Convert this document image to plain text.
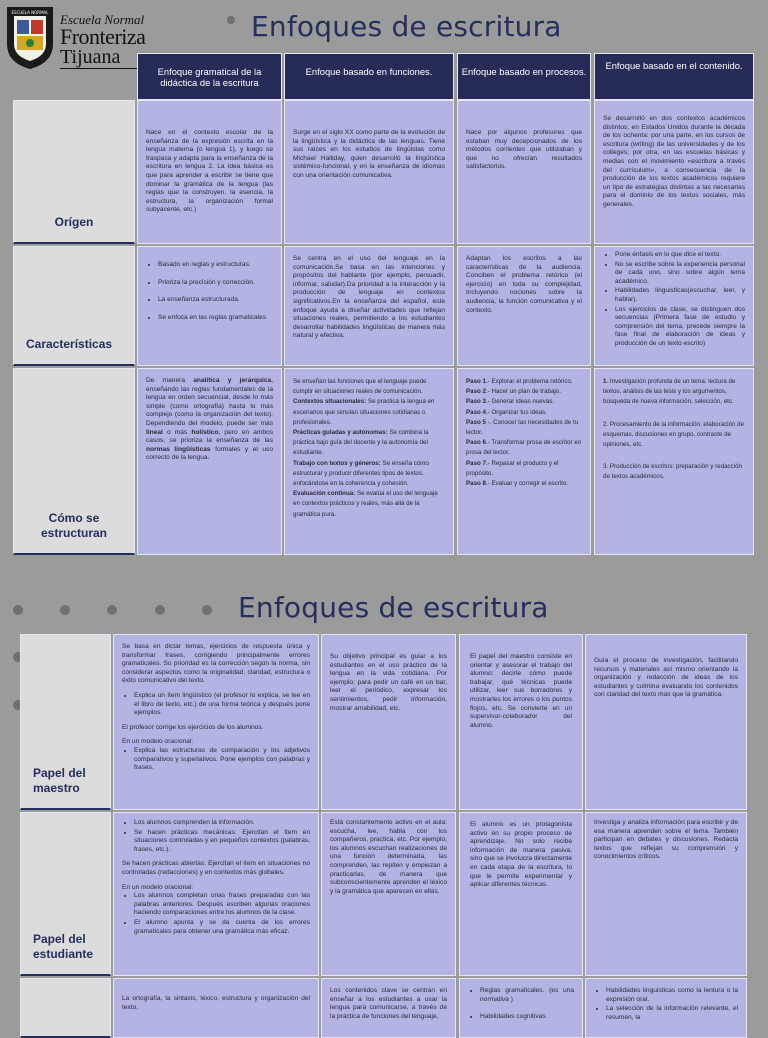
ESCUELA NORMAL Escuela Normal
Fronteriza
Tijuana
Enfoques de escritura
Enfoque gramatical de la didáctica de la escritura
Enfoque basado en funciones.	Enfoque basado en procesos.
Enfoque basado en el contenido.
Orígen
Nace en el contexto escolar de la enseñanza de la expresión escrita en la lengua materna (o lengua 1), y luego se traspasa y adapta para la enseñanza de la escritura en lengua 2. La idea básica es que para aprender a escribir se tiene que dominar la gramática de la lengua (las reglas que la construyen, la esencia, la estructura, la organización formal subyacente, etc.)
Surge en el siglo XX como parte de la evolución de la lingüística y la didáctica de las lenguas. Tiene sus raíces en los estudios de lingüistas como Michael Halliday, quien desarrolló la lingüística sistémico-funcional, y en la enseñanza de idiomas con una orientación comunicativa.
Nace por algunos profesores que estaban muy decepcionados de los métodos corrientes que utilizaban y que no ofrecían resultados satisfactorios.
Se desarrolló en dos contextos académicos distintos, en Estados Unidos durante la década de los ochenta: por una parte, en los cursos de escritura (writing) de las universidades y de los colleges; por otra, en las escuelas básicas y medias con el movimiento «escritura a través del currículum», a consecuencia de la producción de los textos académicos requiere un tipo de estrategias distintas a las necesarias para el dominio de los textos sociales, más generales.
Características
• Basado en reglas y estructuras.
• Prioriza la precisión y corrección.
• La enseñanza estructurada.
• Se enfoca en las reglas gramaticales
Se centra en el uso del lenguaje en la comunicación.Se basa en las intenciones y propósitos del hablante (por ejemplo, persuadir, informar, saludar).Da prioridad a la interacción y la producción de lenguaje en contextos significativos.En la enseñanza del español, este enfoque ayuda a diseñar actividades que reflejan situaciones reales, permitiendo a los estudiantes desarrollar habilidades lingüísticas de manera más natural y efectiva.
Adaptan los escritos a las características de la audiencia. Conciben el problema retórico (el ejercicio) en toda su complejidad, Incluyendo nociones sobre la audiencia, la función comunicativa y el contexto.
• Pone énfasis en lo que dice el texto.
• No se escribe sobre la experiencia personal de cada uno, sino sobre algún tema académico.
• Habilidades linguisticas(escuchar, leer, y hablar).
• Los ejercicios de clase, se distinguen dos secuencias (Primera fase de estudio y comprensión del tema, precede siempre la fase final de elaboración de ideas y producción de un texto escrito)
Cómo se estructuran
De manera analítica y jerárquica, enseñando las reglas fundamentales de la lengua en orden secuencial, desde lo más simple (como ortografía) hasta lo más complejo (como la organización del texto). Dependiendo del modelo, puede ser más lineal o más holístico, pero en ambos casos, se prioriza la enseñanza de las normas lingüísticas formales y el uso correcto de la lengua.
Se enseñan las funciones que el lenguaje puede cumplir en situaciones reales de comunicación.
Contextos situacionales: Se practica la lengua en escenarios que simulan situaciones cotidianas o profesionales.
Prácticas guiadas y autónomas: Se combina la práctica bajo guía del docente y la autonomía del estudiante.
Trabajo con textos y géneros: Se enseña cómo estructurar y producir diferentes tipos de textos, enfocándose en la coherencia y cohesión.
Evaluación continua: Se evalúa el uso del lenguaje en contextos prácticos y reales, más allá de la gramática pura.
Paso 1.- Explorar el problema retórico.
Paso 2.- Hacer un plan de trabajo.
Paso 3.- Generar ideas nuevas.
Paso 4.- Organizar tus ideas.
Paso 5 -. Conocer las necesidades de tu lector.
Paso 6.- Transformar prosa de escritor en prosa del lector.
Paso 7.- Repasar el producto y el propósito.
Paso 8.- Evaluar y corregir el escrito.

1. Investigación profunda de un tema: lectura de textos, análisis de las tesis y los argumentos, búsqueda de nueva información, selección, etc.

2. Procesamiento de la información: elaboración de esquemas, discusiones en grupo, contraste de opiniones, etc.

3. Producción de escritos: preparación y redacción de textos académicos.

Enfoques de escritura
Papel del maestro

Se basa en dictar temas, ejercicios de respuesta única y transformar frases, corrigiendo principalmente errores gramaticales. Su prioridad es la corrección según la norma, sin considerar aspectos como la originalidad, claridad, estructura o éxito comunicativo del texto.

• Explica un ítem lingüístico (el profesor lo explica, se lee en el libro de texto, etc.) de una forma teórica y después pone ejemplos.

El profesor corrige los ejercicios de los alumnos.

En un modelo oracional:
• Explica las estructuras de comparación y los adjetivos comparativos y superlativos. Pone ejemplos con palabras y frases.
Su objetivo principal es guiar a los estudiantes en el uso práctico de la lengua en la vida cotidiana. Por ejemplo; para pedir un café en un bar, leer el periódico, expresar los sentimientos, pedir información, mostrar amabilidad, etc.
El papel del maestro consiste en orientar y asesorar el trabajo del alumno: decirle cómo puede trabajar, qué técnicas puede utilizar, leer sus borradores y mostrarles los errores o los puntos flojos, etc. Se convierte en un supervisor-colaborador del alumno.
Guía el proceso de investigación, facilitando recursos y materiales así mismo orientando la organización y redacción de ideas de los estudiantes y culmina evaluando los contenidos con claridad del texto más que la gramática.
Papel del estudiante
• Los alumnos comprenden la información.
• Se hacen prácticas mecánicas: Ejercitan el ítem en situaciones controladas y en pequeños contextos (palabras, frases, etc.).

Se hacen prácticas abiertas: Ejercitan el ítem en situaciones no controladas (redacciones) y en contextos más globales.

En un modelo oracional:
• Los alumnos completan unas frases preparadas con las palabras anteriores. Después escriben algunas oraciones haciendo comparaciones entre los alumnos de la clase.
• El alumno apunta y se da cuenta de los errores gramaticales para obtener una gramática más eficaz.
Está constantemente activo en el aula: escucha, lee, habla con los compañeros, practica, etc. Por ejemplo, los alumnos escuchan realizaciones de una función determinada, las comprenden, las repiten y empiezan a practicarlas, de manera que subconscientemente aprenden el léxico y la gramática que aparecen en ellas.
El alumno es un protagonista activo en su propio proceso de aprendizaje. No solo recibe información de manera pasiva, sino que se involucra directamente en cada etapa de la escritura, lo que le permite experimentar y aplicar diferentes técnicas.
Investiga y analiza información para escribir y de esa manera aprenden sobre el tema. También participan en debates y discusiones. Redacta textos que reflejan su comprensión y conocimientos críticos.
La ortografía, la sintaxis, léxico, estructura y organización del texto.
Los contenidos clave se centran en enseñar a los estudiantes a usar la lengua para comunicarse, a través de la práctica de funciones del lenguaje,
• Reglas gramaticales. (es una normativa )
• Habilidades cognitivas.
• Habilidades linguisticas como la lentura o la expresión oral.
• La selección de la información relevante, el resumen, la
